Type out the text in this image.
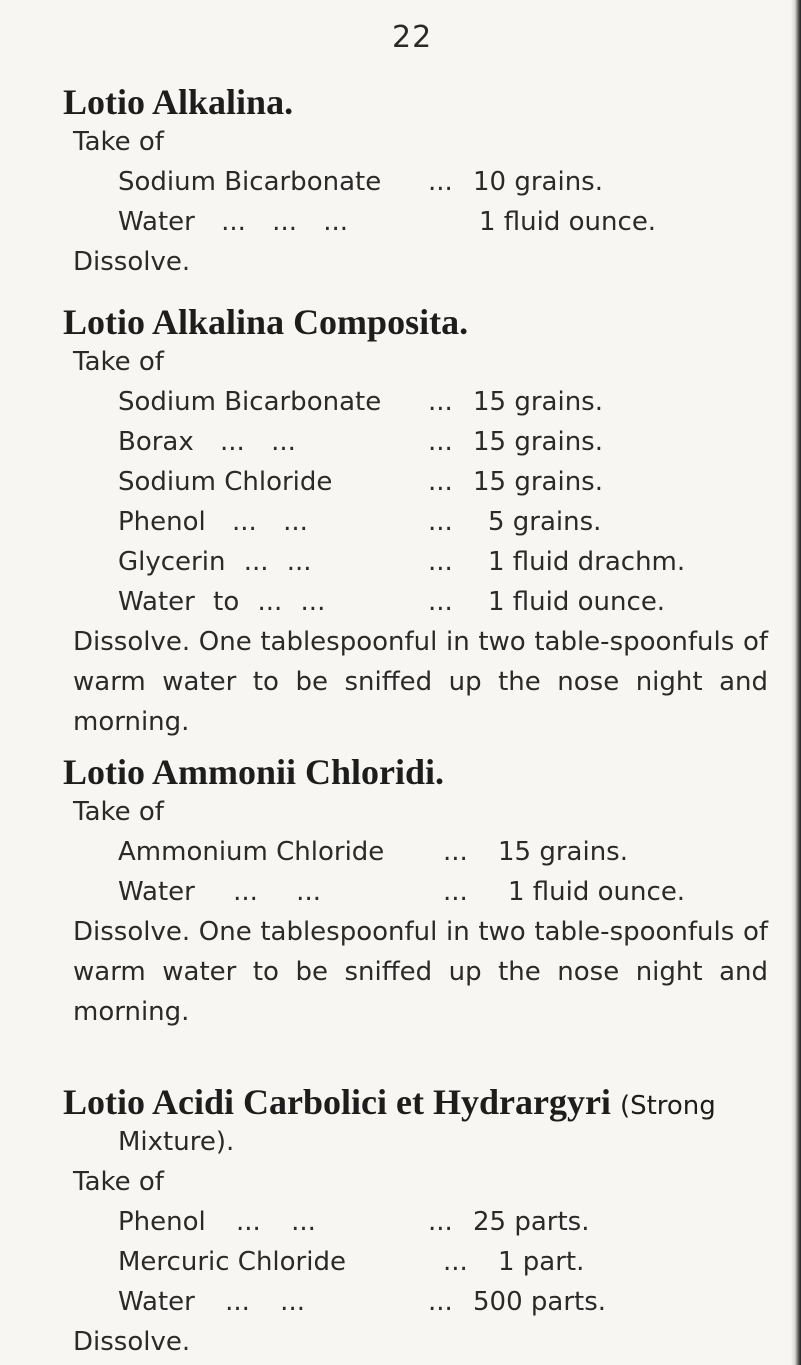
22
Lotio Alkalina.
Take of
Sodium Bicarbonate ... 10 grains.
Water ... ... ...	1 fluid ounce.
Dissolve.
Lotio Alkalina Composita.
Take of
Sodium Bicarbonate ... 15 grains.
Borax ... ...	... 15 grains.
Sodium Chloride	... 15 grains.
Phenol ... ...	... 5 grains.
Glycerin ... ...	... 1 fluid drachm.
Water to ... ...	... 1 fluid ounce.
Dissolve. One tablespoonful in two table-spoonfuls of warm water to be sniffed up the nose night and morning.
Lotio Ammonii Chloridi.
Take of
Ammonium Chloride ... 15 grains.
Water ... ...	... 1 fluid ounce.
Dissolve. One tablespoonful in two table-spoonfuls of warm water to be sniffed up the nose night and morning.
Lotio Acidi Carbolici et Hydrargyri (Strong
Mixture).
Take of
Phenol ... ...	... 25 parts.
Mercuric Chloride	... 1 part.
Water ... ...	... 500 parts.
Dissolve.
